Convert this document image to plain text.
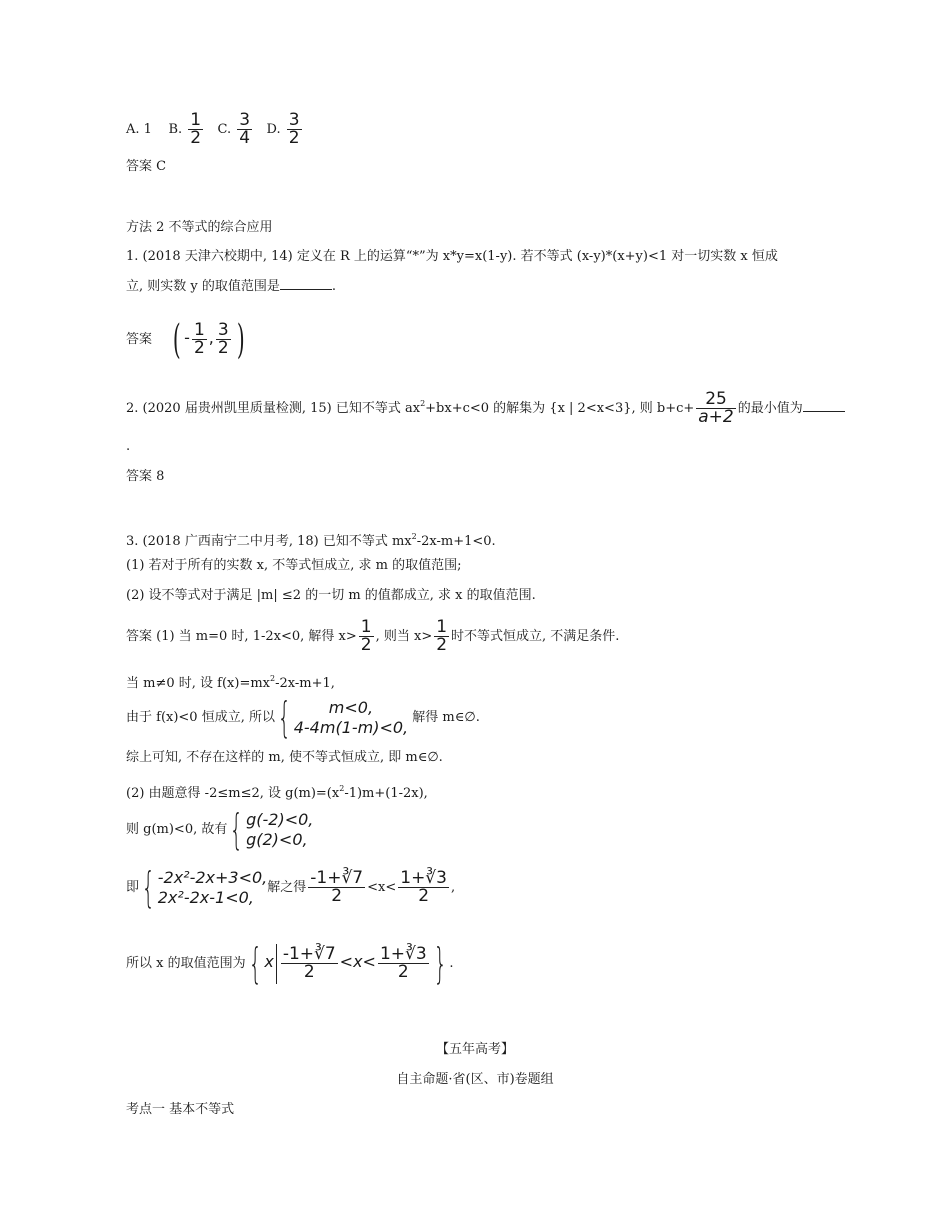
A. 1 B. $\frac{1}{2} C$. $\frac{3}{4} D$. $\frac{3}{2}$
答案 C
方法 2 不等式的综合应用
1. (2018 天津六校期中, 14) 定义在 R 上的运算“*”为 x*y=x(1-y). 若不等式 (x-y)*(x+y)<1 对一切实数 x 恒成
立, 则实数 y 的取值范围是	.
答案 ( - $\frac{1}{2}$ , $\frac{3}{2}$ )
2. (2020 届贵州凯里质量检测, 15) 已知不等式 $ax^2+bx+c<0$ 的解集为 {x | 2<x<3}, 则 $b+c+ \frac{25}{a+2}$ 的最小值为
.
答案 8
3. (2018 广西南宁二中月考, 18) 已知不等式 $mx^2-2x-m+1<0$.
(1) 若对于所有的实数 x, 不等式恒成立, 求 m 的取值范围;
(2) 设不等式对于满足 |m| ≤2 的一切 m 的值都成立, 求 x 的取值范围.
答案 (1) 当 m=0 时, 1-2x<0, 解得 $x> \frac{1}{2}$ , 则当 $x> \frac{1}{2}$ 时不等式恒成立, 不满足条件.
当 m≠0 时, 设 $f(x)=mx^2-2x-m+1$,
由于 f(x)<0 恒成立, 所以{	m<0,
4-4m(1-m)<0, 解得 m∈∅.
综上可知, 不存在这样的 m, 使不等式恒成立, 即 m∈∅.
(2) 由题意得 -2≤m≤2, 设 $g(m)=(x^2-1)m+(1-2x)$,
则 g(m)<0, 故有{ g(-2)<0,
g(2)<0,
即{ -2x²-2x+3<0,
2x²-2x-1<0,	解之得 $\frac{-1+∛7}{2} <x< \frac{1+∛3}{2}$ ,
所以 x 的取值范围为{ x $\frac{-1+∛7}{2} <x< \frac{1+∛3}{2}$ } .
【五年高考】
自主命题·省(区、市)卷题组
考点一 基本不等式
